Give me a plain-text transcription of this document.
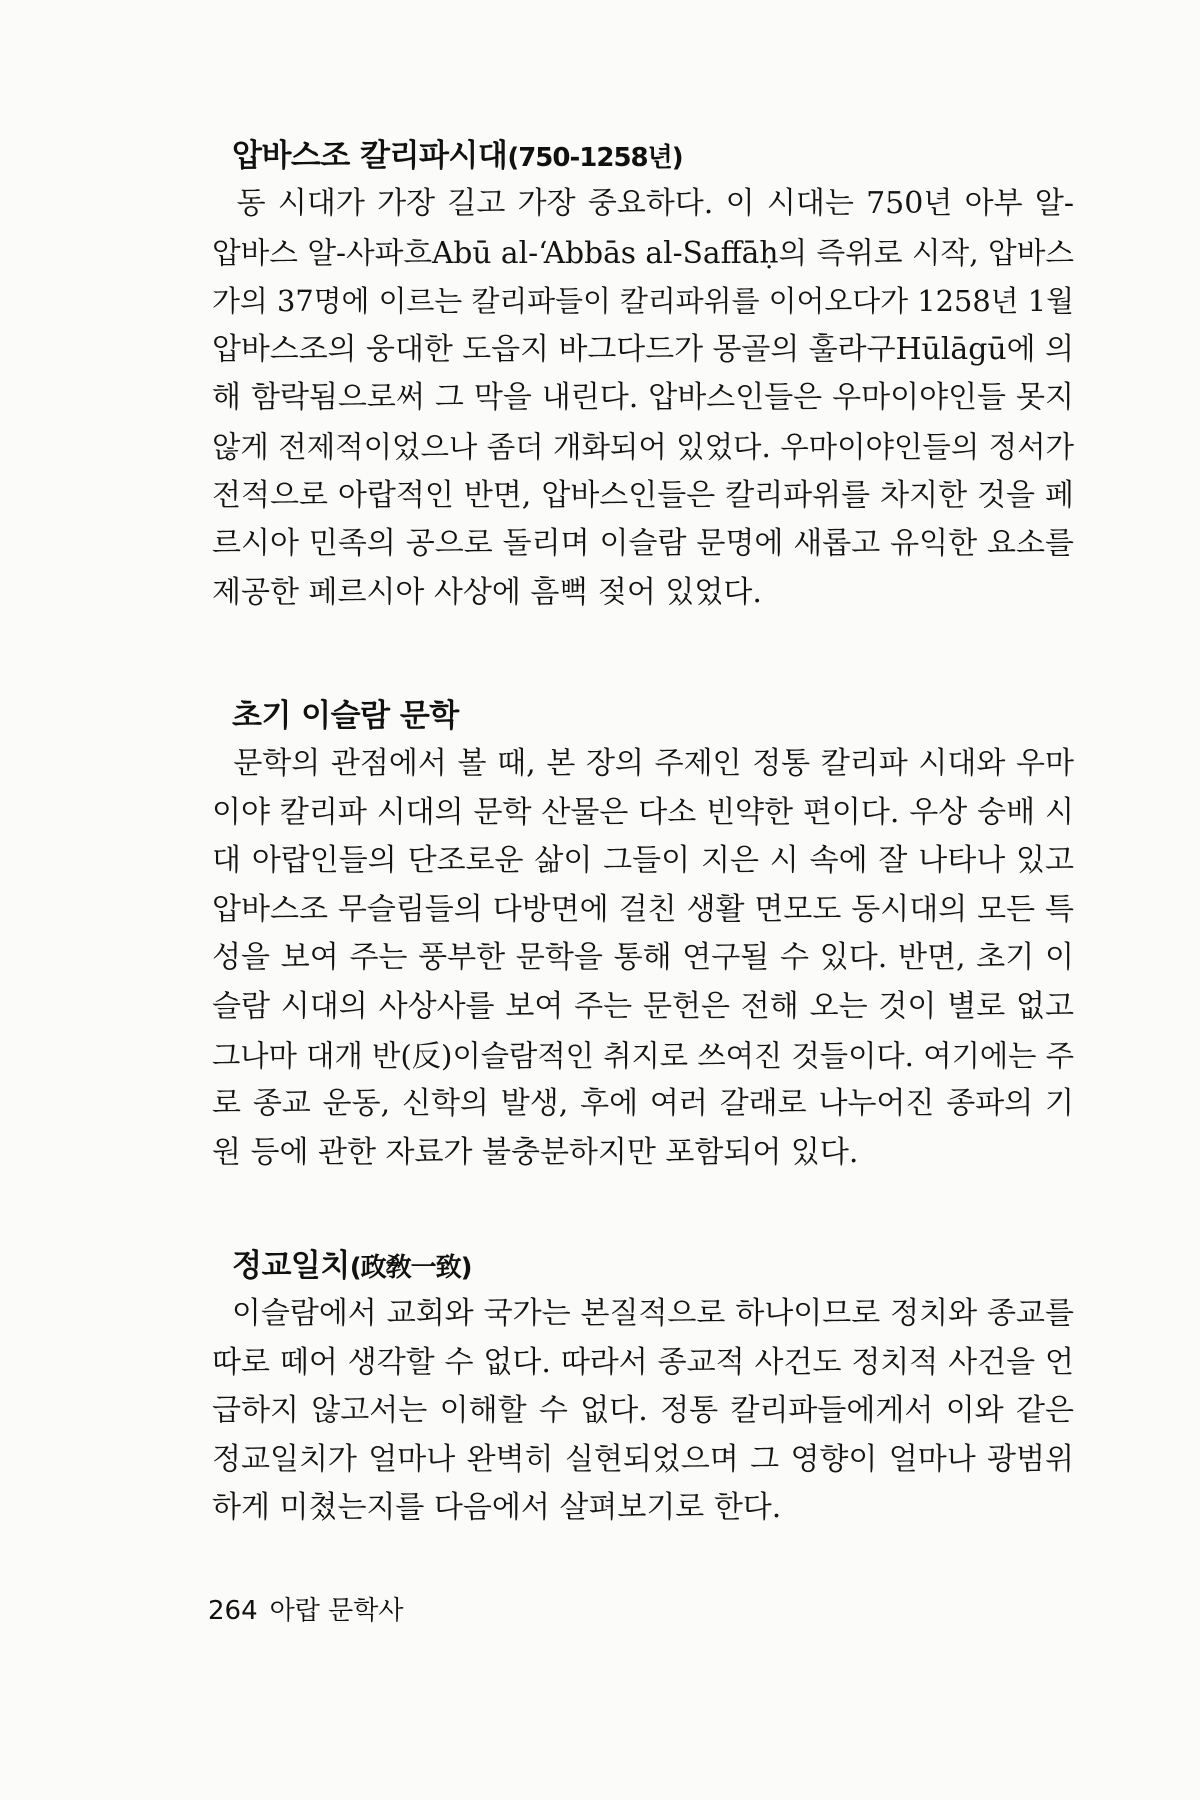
압바스조 칼리파시대(750-1258년)
동 시대가 가장 길고 가장 중요하다. 이 시대는 750년 아부 알-
압바스 알-사파흐Abū al-‘Abbās al-Saffāḥ의 즉위로 시작, 압바스
가의 37명에 이르는 칼리파들이 칼리파위를 이어오다가 1258년 1월
압바스조의 웅대한 도읍지 바그다드가 몽골의 훌라구Hūlāgū에 의
해 함락됨으로써 그 막을 내린다. 압바스인들은 우마이야인들 못지
않게 전제적이었으나 좀더 개화되어 있었다. 우마이야인들의 정서가
전적으로 아랍적인 반면, 압바스인들은 칼리파위를 차지한 것을 페
르시아 민족의 공으로 돌리며 이슬람 문명에 새롭고 유익한 요소를
제공한 페르시아 사상에 흠뻑 젖어 있었다.
초기 이슬람 문학
문학의 관점에서 볼 때, 본 장의 주제인 정통 칼리파 시대와 우마
이야 칼리파 시대의 문학 산물은 다소 빈약한 편이다. 우상 숭배 시
대 아랍인들의 단조로운 삶이 그들이 지은 시 속에 잘 나타나 있고
압바스조 무슬림들의 다방면에 걸친 생활 면모도 동시대의 모든 특
성을 보여 주는 풍부한 문학을 통해 연구될 수 있다. 반면, 초기 이
슬람 시대의 사상사를 보여 주는 문헌은 전해 오는 것이 별로 없고
그나마 대개 반(反)이슬람적인 취지로 쓰여진 것들이다. 여기에는 주
로 종교 운동, 신학의 발생, 후에 여러 갈래로 나누어진 종파의 기
원 등에 관한 자료가 불충분하지만 포함되어 있다.
정교일치(政敎一致)
이슬람에서 교회와 국가는 본질적으로 하나이므로 정치와 종교를
따로 떼어 생각할 수 없다. 따라서 종교적 사건도 정치적 사건을 언
급하지 않고서는 이해할 수 없다. 정통 칼리파들에게서 이와 같은
정교일치가 얼마나 완벽히 실현되었으며 그 영향이 얼마나 광범위
하게 미쳤는지를 다음에서 살펴보기로 한다.
264 아랍 문학사
